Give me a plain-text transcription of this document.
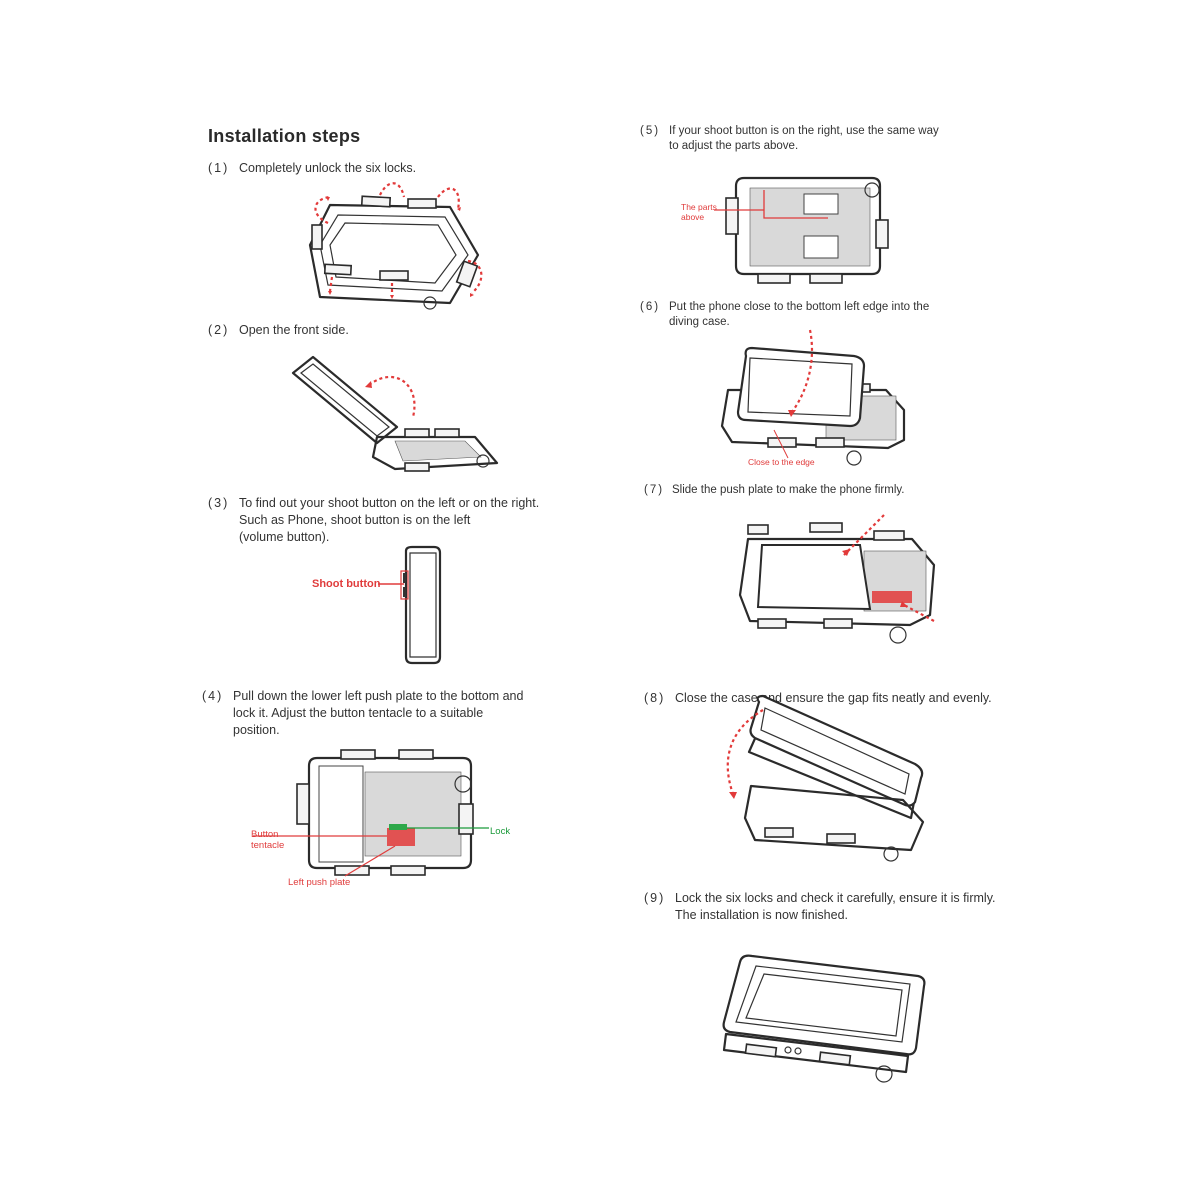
Installation steps
(1) Completely unlock the six locks.
(2) Open the front side.
(3) To find out your shoot button on the left or on the right.
Such as Phone, shoot button is on the left
(volume button).
Shoot button
(4) Pull down the lower left push plate to the bottom and
lock it. Adjust the button tentacle to a suitable
position.
Button
tentacle
Lock
Left push plate
(5) If your shoot button is on the right, use the same way
to adjust the parts above.
The parts
above
(6) Put the phone close to the bottom left edge into the
diving case.
Close to the edge
(7) Slide the push plate to make the phone firmly.
(8) Close the case and ensure the gap fits neatly and evenly.
(9) Lock the six locks and check it carefully, ensure it is firmly.
The installation is now finished.
